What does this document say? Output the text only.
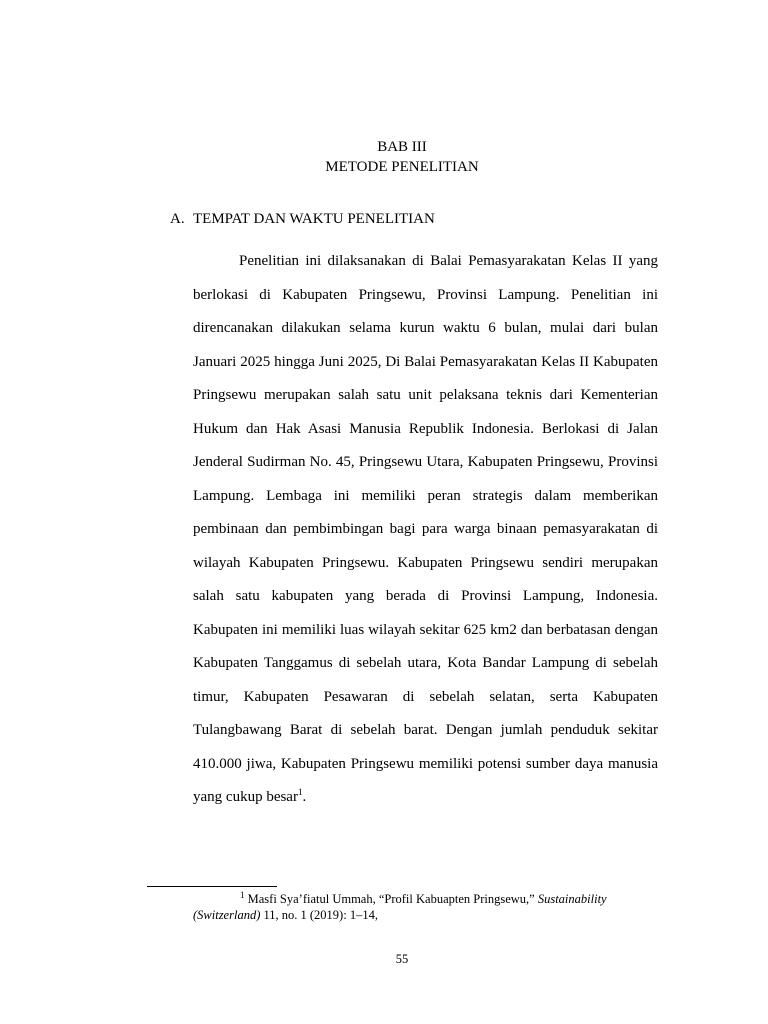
BAB III
METODE PENELITIAN
A. TEMPAT DAN WAKTU PENELITIAN

Penelitian ini dilaksanakan di Balai Pemasyarakatan Kelas II yang berlokasi di Kabupaten Pringsewu, Provinsi Lampung. Penelitian ini direncanakan dilakukan selama kurun waktu 6 bulan, mulai dari bulan Januari 2025 hingga Juni 2025, Di Balai Pemasyarakatan Kelas II Kabupaten Pringsewu merupakan salah satu unit pelaksana teknis dari Kementerian Hukum dan Hak Asasi Manusia Republik Indonesia. Berlokasi di Jalan Jenderal Sudirman No. 45, Pringsewu Utara, Kabupaten Pringsewu, Provinsi Lampung. Lembaga ini memiliki peran strategis dalam memberikan pembinaan dan pembimbingan bagi para warga binaan pemasyarakatan di wilayah Kabupaten Pringsewu. Kabupaten Pringsewu sendiri merupakan salah satu kabupaten yang berada di Provinsi Lampung, Indonesia. Kabupaten ini memiliki luas wilayah sekitar 625 km2 dan berbatasan dengan Kabupaten Tanggamus di sebelah utara, Kota Bandar Lampung di sebelah timur, Kabupaten Pesawaran di sebelah selatan, serta Kabupaten Tulangbawang Barat di sebelah barat. Dengan jumlah penduduk sekitar 410.000 jiwa, Kabupaten Pringsewu memiliki potensi sumber daya manusia yang cukup besar$^1$.

$^1$ Masfi Sya’fiatul Ummah, “Profil Kabuapten Pringsewu,” Sustainability (Switzerland) 11, no. 1 (2019): 1–14,

55
